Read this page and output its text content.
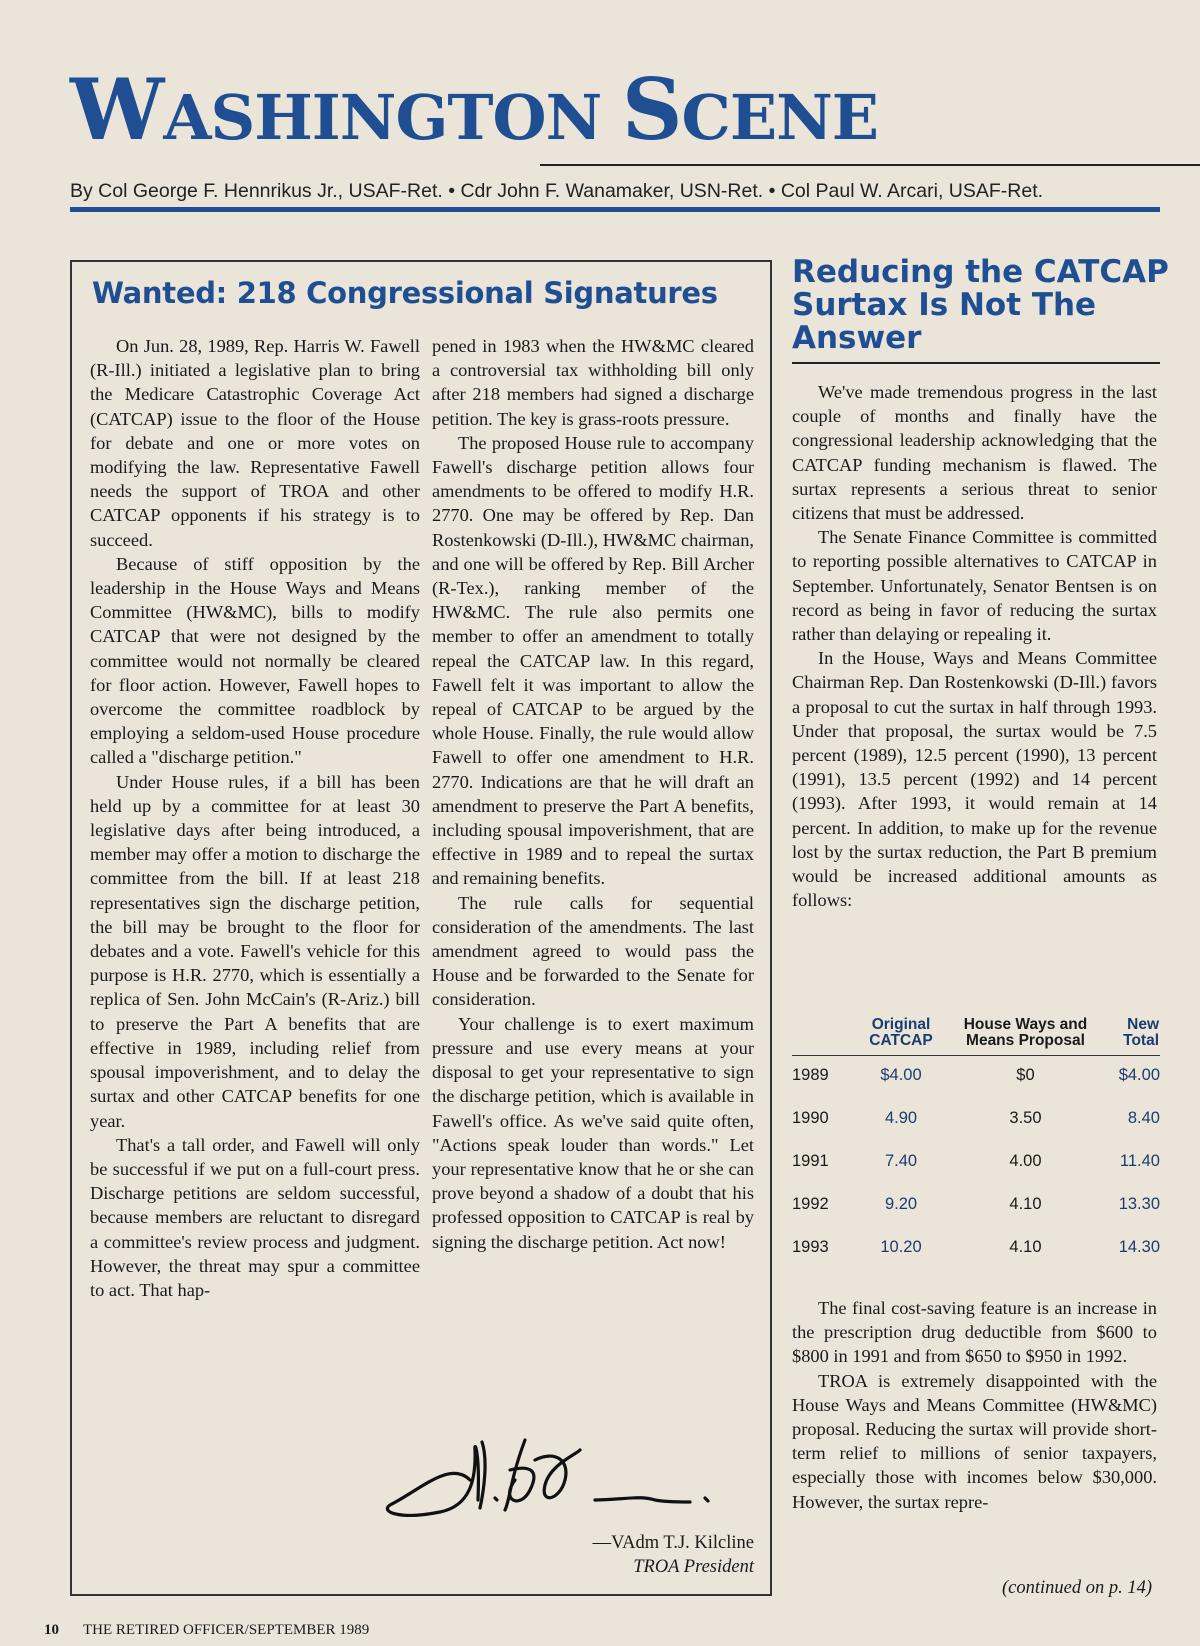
WASHINGTON SCENE
By Col George F. Hennrikus Jr., USAF-Ret. • Cdr John F. Wanamaker, USN-Ret. • Col Paul W. Arcari, USAF-Ret.
Wanted: 218 Congressional Signatures

On Jun. 28, 1989, Rep. Harris W. Fawell (R-Ill.) initiated a legislative plan to bring the Medicare Catastrophic Coverage Act (CATCAP) issue to the floor of the House for debate and one or more votes on modifying the law. Representative Fawell needs the support of TROA and other CATCAP opponents if his strategy is to succeed.

Because of stiff opposition by the leadership in the House Ways and Means Committee (HW&MC), bills to modify CATCAP that were not designed by the committee would not normally be cleared for floor action. However, Fawell hopes to overcome the committee roadblock by employing a seldom-used House procedure called a "discharge petition."

Under House rules, if a bill has been held up by a committee for at least 30 legislative days after being introduced, a member may offer a motion to discharge the committee from the bill. If at least 218 representatives sign the discharge petition, the bill may be brought to the floor for debates and a vote. Fawell's vehicle for this purpose is H.R. 2770, which is essentially a replica of Sen. John McCain's (R-Ariz.) bill to preserve the Part A benefits that are effective in 1989, including relief from spousal impoverishment, and to delay the surtax and other CATCAP benefits for one year.

That's a tall order, and Fawell will only be successful if we put on a full-court press. Discharge petitions are seldom successful, because members are reluctant to disregard a committee's review process and judgment. However, the threat may spur a committee to act. That hap-

pened in 1983 when the HW&MC cleared a controversial tax withholding bill only after 218 members had signed a discharge petition. The key is grass-roots pressure.

The proposed House rule to accompany Fawell's discharge petition allows four amendments to be offered to modify H.R. 2770. One may be offered by Rep. Dan Rostenkowski (D-Ill.), HW&MC chairman, and one will be offered by Rep. Bill Archer (R-Tex.), ranking member of the HW&MC. The rule also permits one member to offer an amendment to totally repeal the CATCAP law. In this regard, Fawell felt it was important to allow the repeal of CATCAP to be argued by the whole House. Finally, the rule would allow Fawell to offer one amendment to H.R. 2770. Indications are that he will draft an amendment to preserve the Part A benefits, including spousal impoverishment, that are effective in 1989 and to repeal the surtax and remaining benefits.

The rule calls for sequential consideration of the amendments. The last amendment agreed to would pass the House and be forwarded to the Senate for consideration.

Your challenge is to exert maximum pressure and use every means at your disposal to get your representative to sign the discharge petition, which is available in Fawell's office. As we've said quite often, "Actions speak louder than words." Let your representative know that he or she can prove beyond a shadow of a doubt that his professed opposition to CATCAP is real by signing the discharge petition. Act now!

—VAdm T.J. Kilcline
TROA President
Reducing the CATCAP Surtax Is Not The Answer

We've made tremendous progress in the last couple of months and finally have the congressional leadership acknowledging that the CATCAP funding mechanism is flawed. The surtax represents a serious threat to senior citizens that must be addressed.

The Senate Finance Committee is committed to reporting possible alternatives to CATCAP in September. Unfortunately, Senator Bentsen is on record as being in favor of reducing the surtax rather than delaying or repealing it.

In the House, Ways and Means Committee Chairman Rep. Dan Rostenkowski (D-Ill.) favors a proposal to cut the surtax in half through 1993. Under that proposal, the surtax would be 7.5 percent (1989), 12.5 percent (1990), 13 percent (1991), 13.5 percent (1992) and 14 percent (1993). After 1993, it would remain at 14 percent. In addition, to make up for the revenue lost by the surtax reduction, the Part B premium would be increased additional amounts as follows:

	Original CATCAP	House Ways and Means Proposal	New Total
1989	$4.00	$0	$4.00
1990	4.90	3.50	8.40
1991	7.40	4.00	11.40
1992	9.20	4.10	13.30
1993	10.20	4.10	14.30

The final cost-saving feature is an increase in the prescription drug deductible from $600 to $800 in 1991 and from $650 to $950 in 1992.

TROA is extremely disappointed with the House Ways and Means Committee (HW&MC) proposal. Reducing the surtax will provide short-term relief to millions of senior taxpayers, especially those with incomes below $30,000. However, the surtax repre-

(continued on p. 14)
10 THE RETIRED OFFICER/SEPTEMBER 1989
